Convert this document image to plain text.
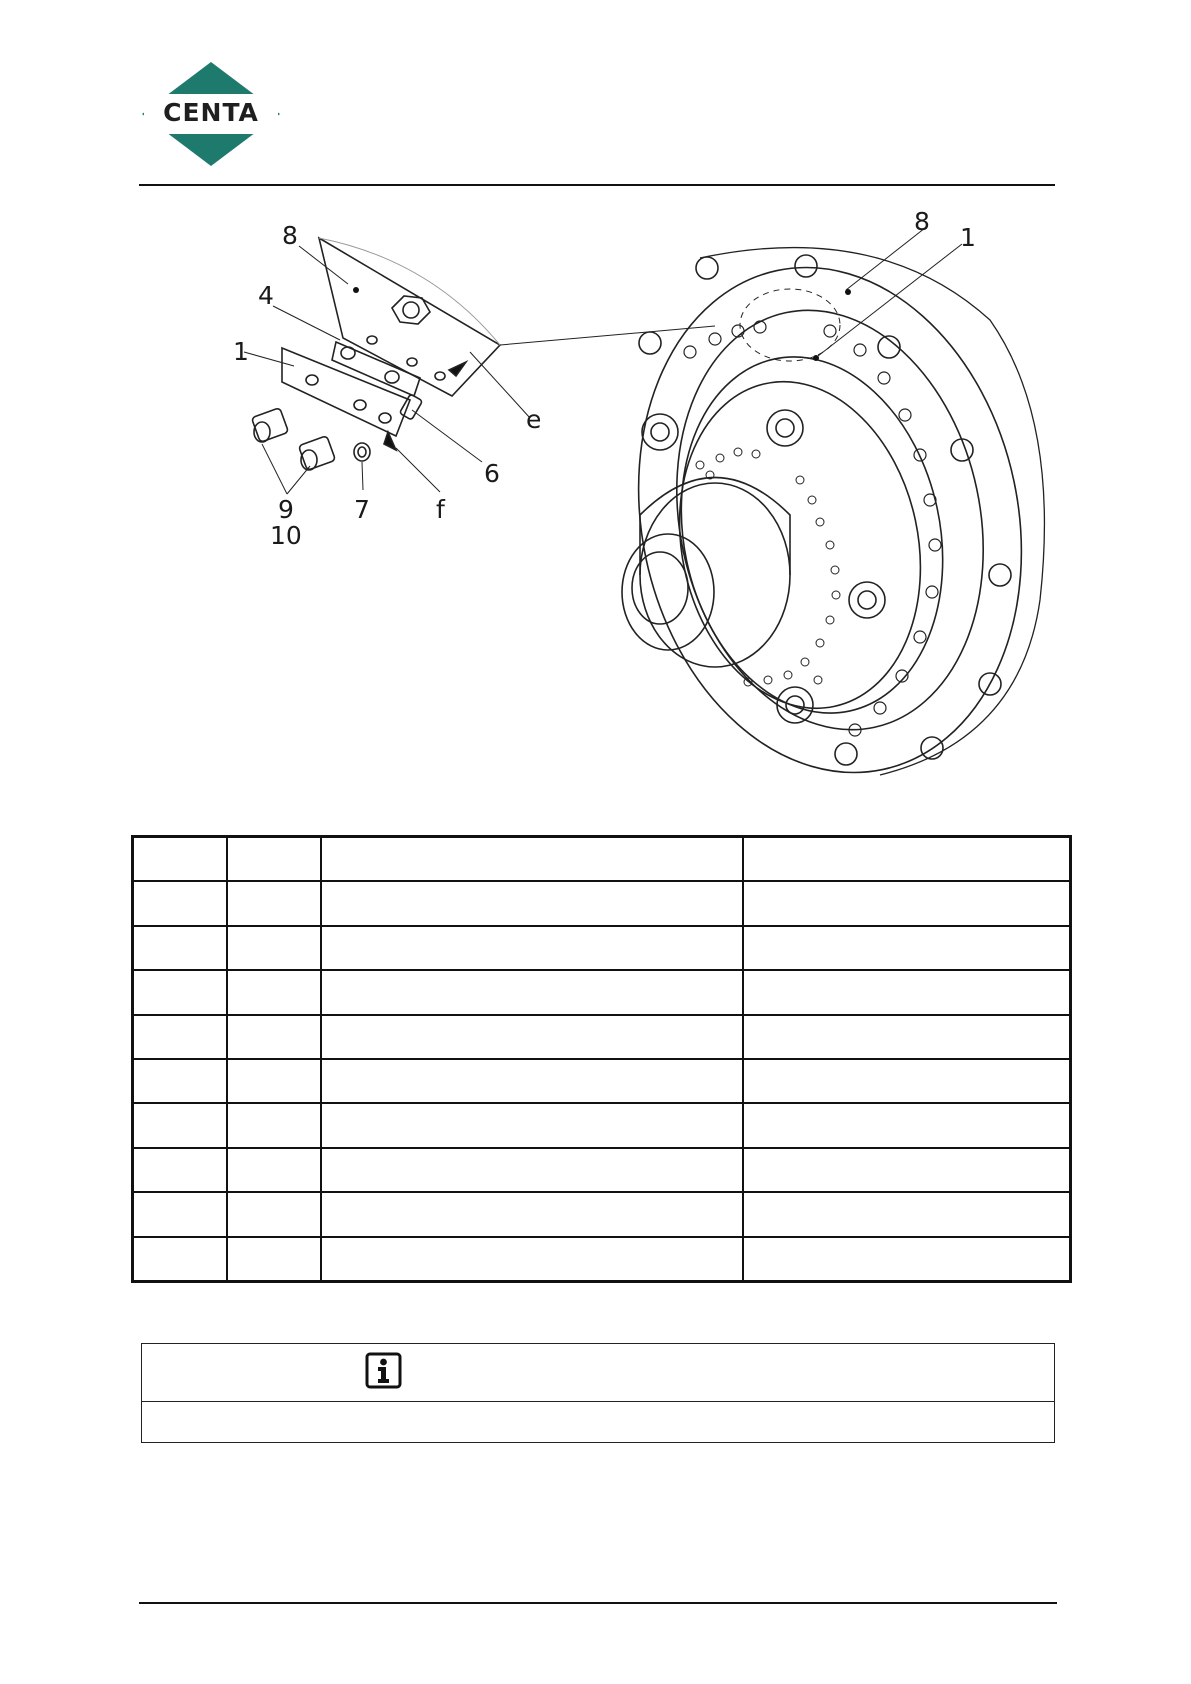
CENTA
8
4
1
e
6
9
10
7	f
8
1
